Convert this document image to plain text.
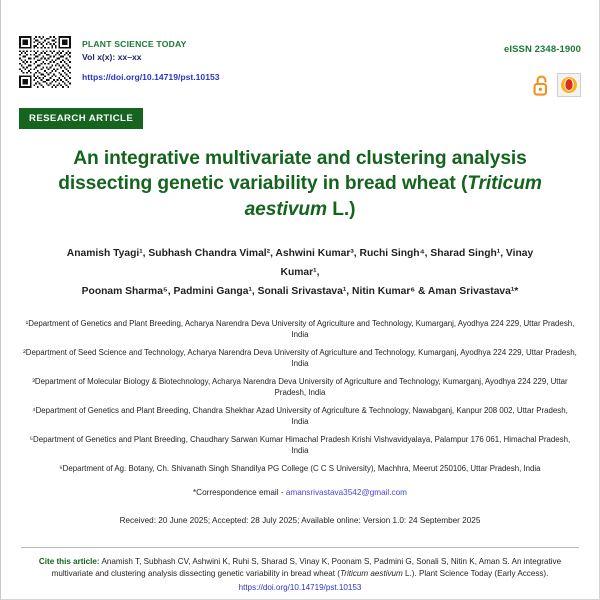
PLANT SCIENCE TODAY
Vol x(x): xx–xx
https://doi.org/10.14719/pst.10153
eISSN 2348-1900
RESEARCH ARTICLE
An integrative multivariate and clustering analysis dissecting genetic variability in bread wheat (Triticum aestivum L.)
Anamish Tyagi¹, Subhash Chandra Vimal², Ashwini Kumar³, Ruchi Singh⁴, Sharad Singh¹, Vinay Kumar¹,
Poonam Sharma⁵, Padmini Ganga¹, Sonali Srivastava¹, Nitin Kumar⁶ & Aman Srivastava¹*
¹Department of Genetics and Plant Breeding, Acharya Narendra Deva University of Agriculture and Technology, Kumarganj, Ayodhya 224 229, Uttar Pradesh, India
²Department of Seed Science and Technology, Acharya Narendra Deva University of Agriculture and Technology, Kumarganj, Ayodhya 224 229, Uttar Pradesh, India
³Department of Molecular Biology & Biotechnology, Acharya Narendra Deva University of Agriculture and Technology, Kumarganj, Ayodhya 224 229, Uttar Pradesh, India
⁴Department of Genetics and Plant Breeding, Chandra Shekhar Azad University of Agriculture & Technology, Nawabganj, Kanpur 208 002, Uttar Pradesh, India
⁵Department of Genetics and Plant Breeding, Chaudhary Sarwan Kumar Himachal Pradesh Krishi Vishvavidyalaya, Palampur 176 061, Himachal Pradesh, India
⁶Department of Ag. Botany, Ch. Shivanath Singh Shandilya PG College (C C S University), Machhra, Meerut 250106, Uttar Pradesh, India
*Correspondence email - amansrivastava3542@gmail.com
Received: 20 June 2025; Accepted: 28 July 2025; Available online: Version 1.0: 24 September 2025
Cite this article: Anamish T, Subhash CV, Ashwini K, Ruhi S, Sharad S, Vinay K, Poonam S, Padmini G, Sonali S, Nitin K, Aman S. An integrative multivariate and clustering analysis dissecting genetic variability in bread wheat (Triticum aestivum L.). Plant Science Today (Early Access).
https://doi.org/10.14719/pst.10153
